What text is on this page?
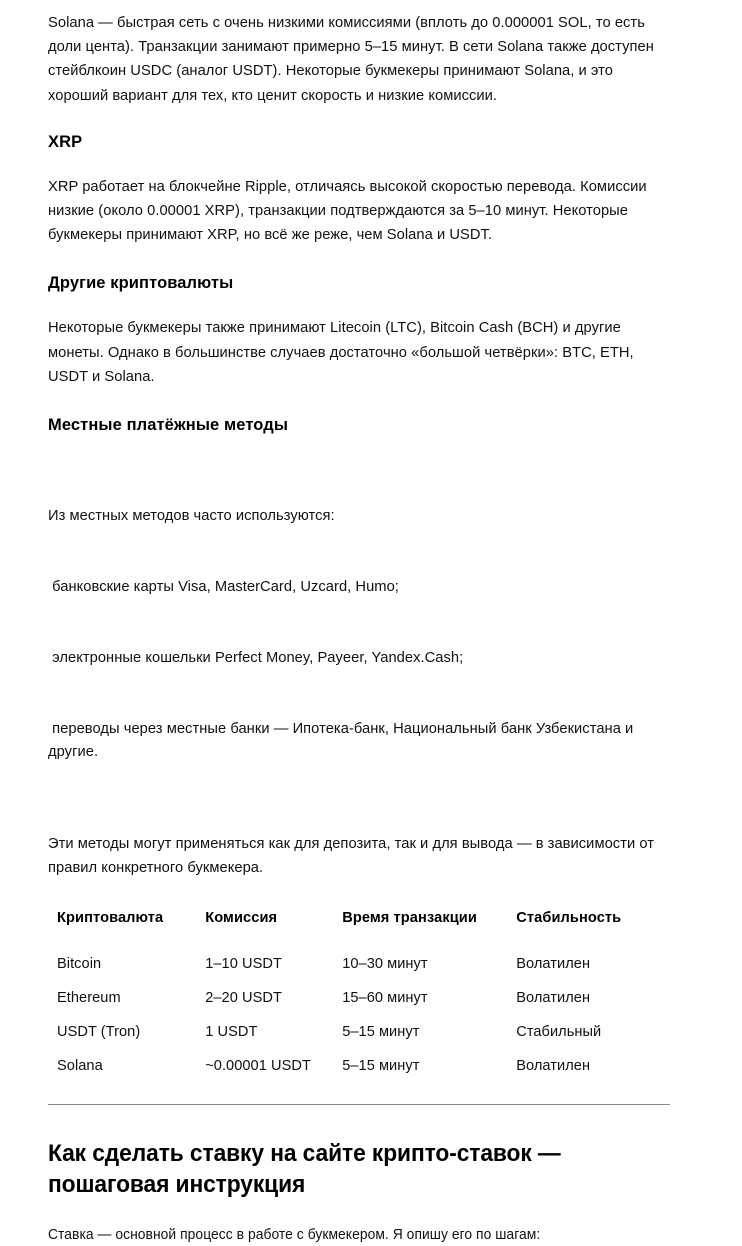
Solana — быстрая сеть с очень низкими комиссиями (вплоть до 0.000001 SOL, то есть доли цента). Транзакции занимают примерно 5–15 минут. В сети Solana также доступен стейблкоин USDC (аналог USDT). Некоторые букмекеры принимают Solana, и это хороший вариант для тех, кто ценит скорость и низкие комиссии.

XRP

XRP работает на блокчейне Ripple, отличаясь высокой скоростью перевода. Комиссии низкие (около 0.00001 XRP), транзакции подтверждаются за 5–10 минут. Некоторые букмекеры принимают XRP, но всё же реже, чем Solana и USDT.

Другие криптовалюты

Некоторые букмекеры также принимают Litecoin (LTC), Bitcoin Cash (BCH) и другие монеты. Однако в большинстве случаев достаточно «большой четвёрки»: BTC, ETH, USDT и Solana.

Местные платёжные методы

Из местных методов часто используются:

банковские карты Visa, MasterCard, Uzcard, Humo;

электронные кошельки Perfect Money, Payeer, Yandex.Cash;

переводы через местные банки — Ипотека-банк, Национальный банк Узбекистана и другие.

Эти методы могут применяться как для депозита, так и для вывода — в зависимости от правил конкретного букмекера.

Криптовалюта	Комиссия	Время транзакции	Стабильность
Bitcoin	1–10 USDT	10–30 минут	Волатилен
Ethereum	2–20 USDT	15–60 минут	Волатилен
USDT (Tron)	1 USDT	5–15 минут	Стабильный
Solana	~0.00001 USDT	5–15 минут	Волатилен
Как сделать ставку на сайте крипто-ставок — пошаговая инструкция

Ставка — основной процесс в работе с букмекером. Я опишу его по шагам:
